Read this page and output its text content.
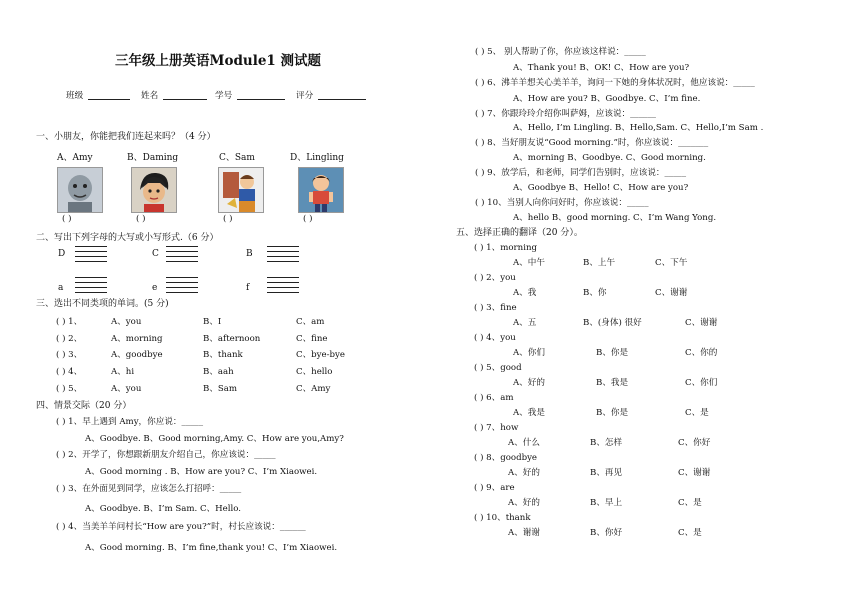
三年级上册英语Module1 测试题
班级	姓名	学号	评分
一、小朋友，你能把我们连起来吗？（4 分）
A、Amy	B、Daming	C、Sam	D、Lingling
( )	( )	( )	( )
二、写出下列字母的大写或小写形式.（6 分）
D	C	B
a	e	f
三、选出不同类项的单词。(5 分)
( ) 1、	A、you	B、I	C、am
( ) 2、	A、morning	B、afternoon	C、fine
( ) 3、	A、goodbye	B、thank	C、bye-bye
( ) 4、	A、hi	B、aah	C、hello
( ) 5、	A、you	B、Sam	C、Amy
四、情景交际（20 分）
( ) 1、早上遇到 Amy，你应说：_____
A、Goodbye. B、Good morning,Amy. C、How are you,Amy?
( ) 2、开学了，你想跟新朋友介绍自己，你应该说：_____
A、Good morning . B、How are you? C、I’m Xiaowei.
( ) 3、在外面见到同学，应该怎么打招呼：_____
A、Goodbye. B、I’m Sam. C、Hello.
( ) 4、当美羊羊问村长“How are you?”时，村长应该说：______
A、Good morning. B、I’m fine,thank you! C、I’m Xiaowei.
( ) 5、 别人帮助了你，你应该这样说：_____
A、Thank you! B、OK! C、How are you?
( ) 6、沸羊羊想关心美羊羊，询问一下她的身体状况时，他应该说：_____
A、How are you? B、Goodbye. C、I’m fine.
( ) 7、你跟玲玲介绍你叫萨姆，应该说：______
A、Hello, I’m Lingling. B、Hello,Sam. C、Hello,I’m Sam .
( ) 8、当好朋友说“Good morning.”时，你应该说：_______
A、morning B、Goodbye. C、Good morning.
( ) 9、放学后，和老师，同学们告别时，应该说：_____
A、Goodbye B、Hello! C、How are you?
( ) 10、当别人向你问好时，你应该说：_____
A、hello B、good morning. C、I’m Wang Yong.
五、选择正确的翻译（20 分）。
( ) 1、morning
A、中午	B、上午	C、下午
( ) 2、you
A、我	B、你	C、谢谢
( ) 3、fine
A、五	B、(身体) 很好	C、谢谢
( ) 4、you
A、你们	B、你是	C、你的
( ) 5、good
A、好的	B、我是	C、你们
( ) 6、am
A、我是	B、你是	C、是
( ) 7、how
A、什么	B、怎样	C、你好
( ) 8、goodbye
A、好的	B、再见	C、谢谢
( ) 9、are
A、好的	B、早上	C、是
( ) 10、thank
A、谢谢	B、你好	C、是
